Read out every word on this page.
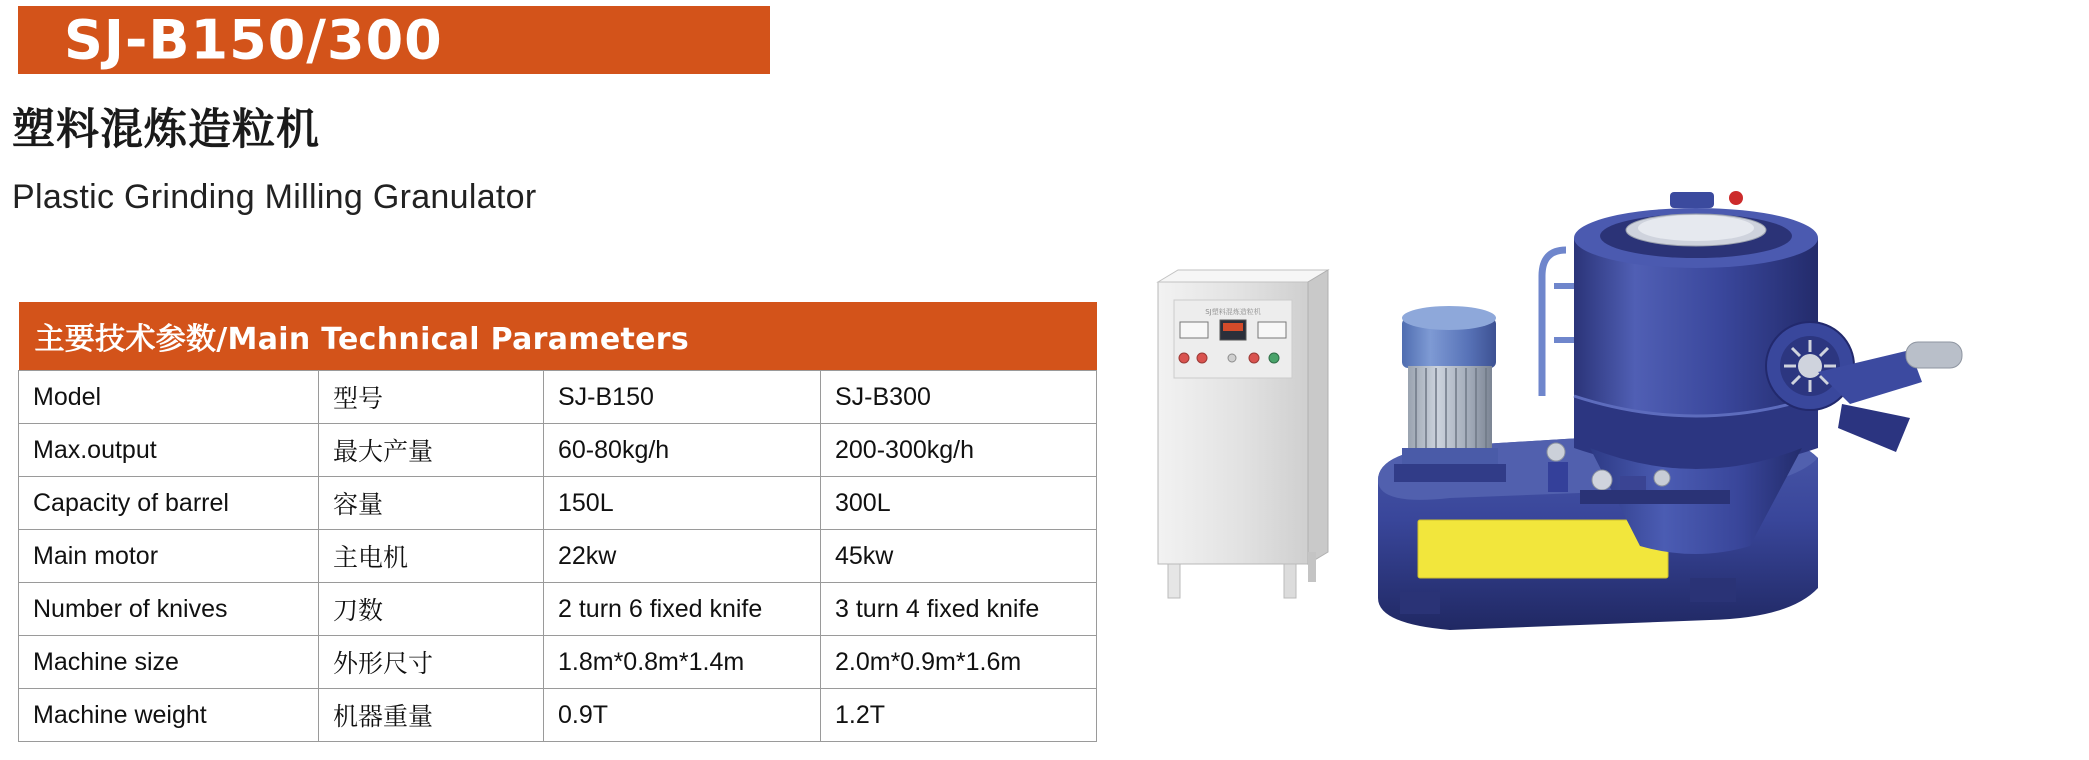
SJ-B150/300
塑料混炼造粒机
Plastic Grinding Milling Granulator
主要技术参数/Main Technical Parameters			
Model	型号	SJ-B150	SJ-B300
Max.output	最大产量	60-80kg/h	200-300kg/h
Capacity of barrel	容量	150L	300L
Main motor	主电机	22kw	45kw
Number of knives	刀数	2 turn 6 fixed knife	3 turn 4 fixed knife
Machine size	外形尺寸	1.8m*0.8m*1.4m	2.0m*0.9m*1.6m
Machine weight	机器重量	0.9T	1.2T
SJ塑料混炼造粒机
